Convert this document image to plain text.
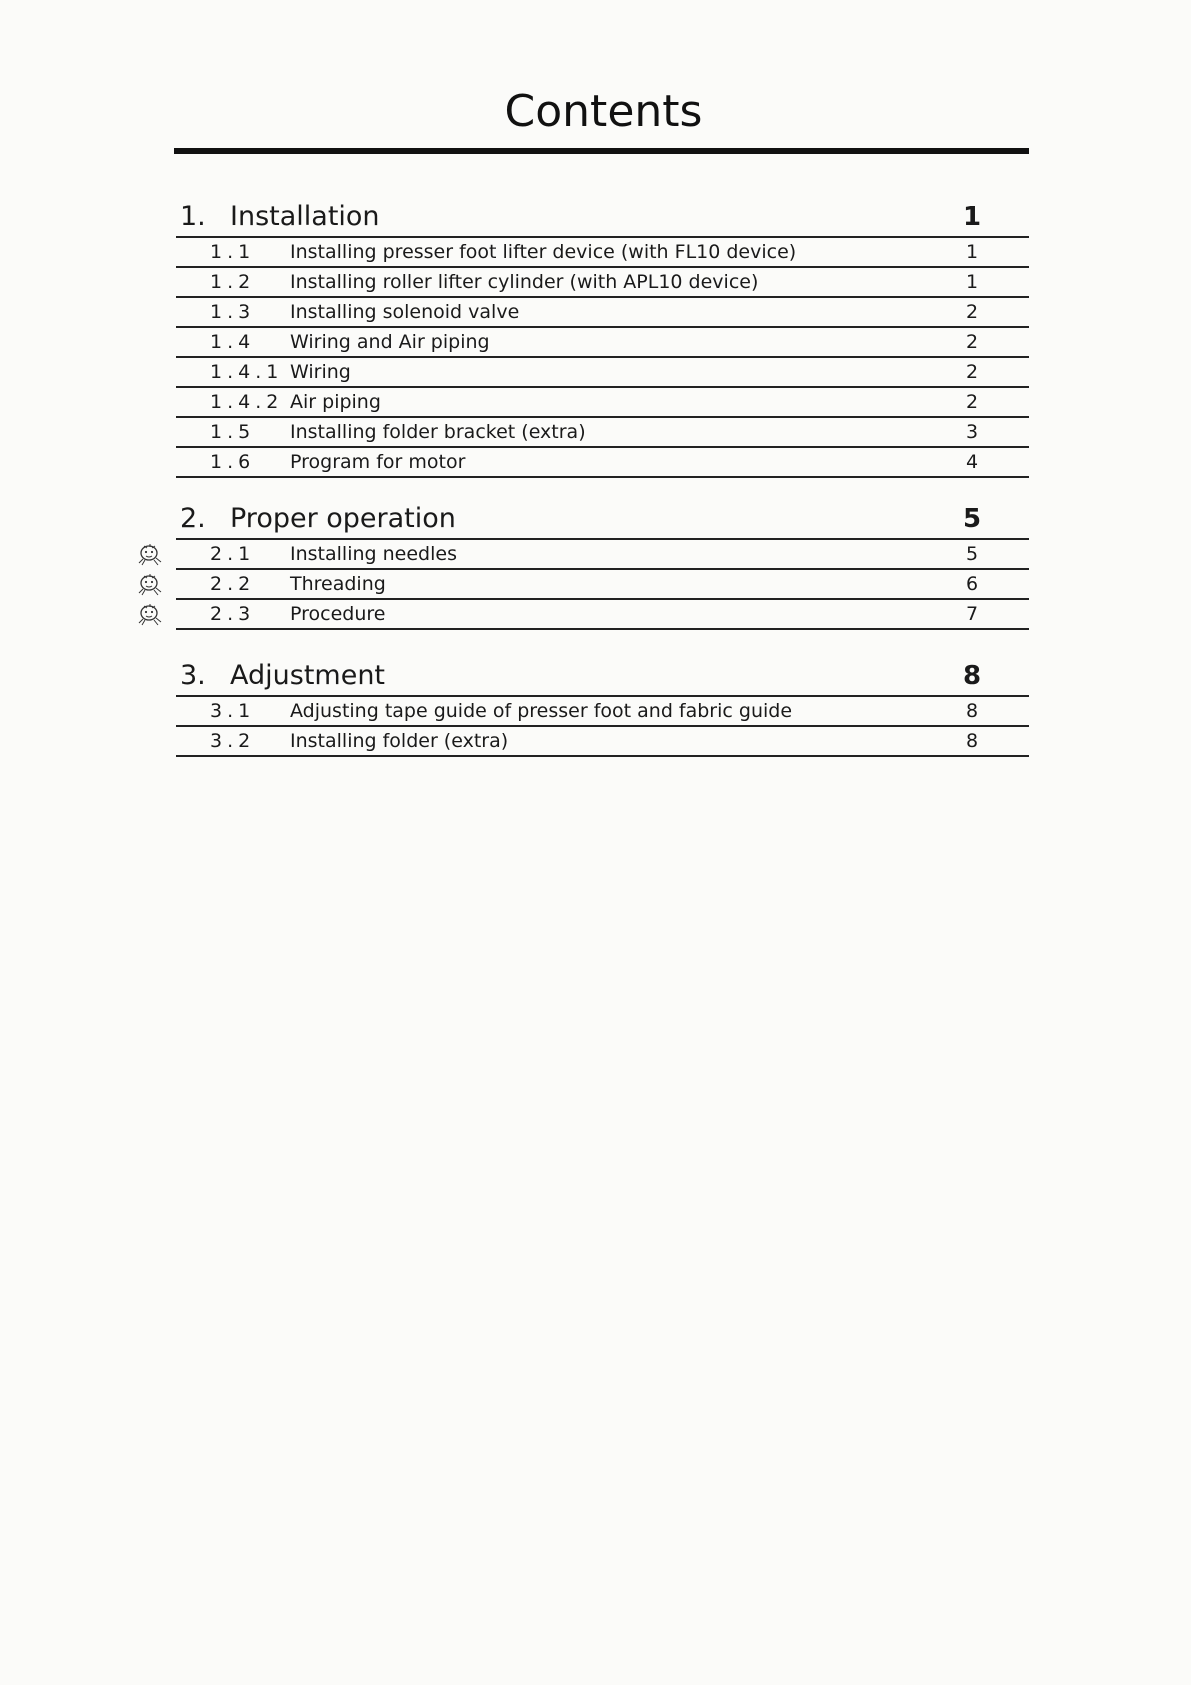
Contents
1. Installation	1
1.1 Installing presser foot lifter device (with FL10 device)	1
1.2 Installing roller lifter cylinder (with APL10 device)	1
1.3 Installing solenoid valve	2
1.4 Wiring and Air piping	2
1.4.1 Wiring	2
1.4.2 Air piping	2
1.5 Installing folder bracket (extra)	3
1.6 Program for motor	4
2. Proper operation	5
2.1 Installing needles	5
2.2 Threading	6
2.3 Procedure	7
3. Adjustment	8
3.1 Adjusting tape guide of presser foot and fabric guide	8
3.2 Installing folder (extra)	8
